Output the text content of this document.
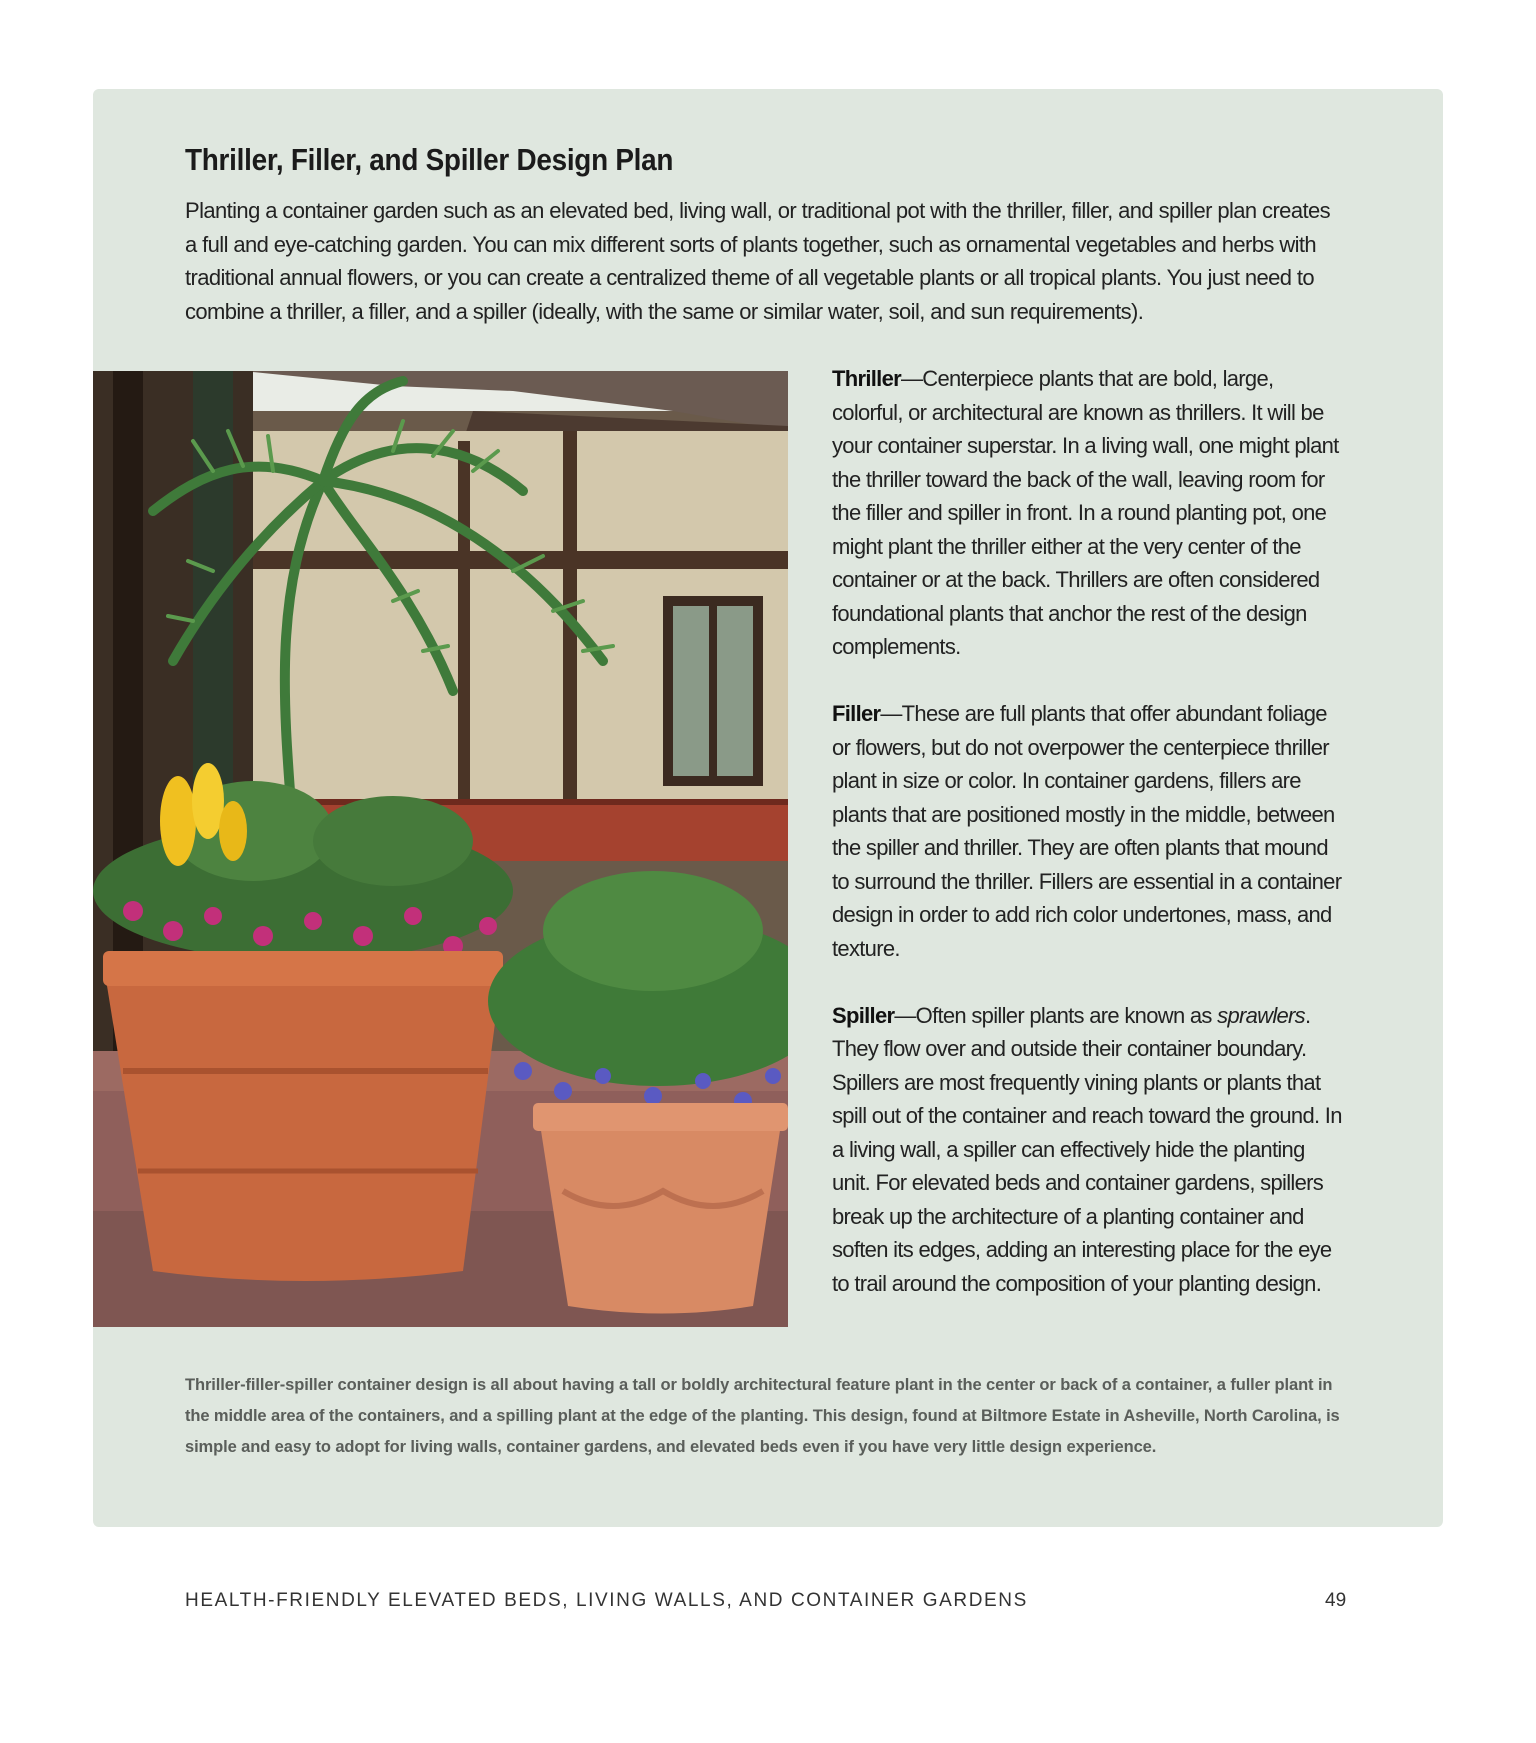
Thriller, Filler, and Spiller Design Plan

Planting a container garden such as an elevated bed, living wall, or traditional pot with the thriller, filler, and spiller plan creates a full and eye-catching garden. You can mix different sorts of plants together, such as ornamental vegetables and herbs with traditional annual flowers, or you can create a centralized theme of all vegetable plants or all tropical plants. You just need to combine a thriller, a filler, and a spiller (ideally, with the same or similar water, soil, and sun requirements).

Thriller—Centerpiece plants that are bold, large, colorful, or architectural are known as thrillers. It will be your container superstar. In a living wall, one might plant the thriller toward the back of the wall, leaving room for the filler and spiller in front. In a round planting pot, one might plant the thriller either at the very center of the container or at the back. Thrillers are often considered foundational plants that anchor the rest of the design complements.

Filler—These are full plants that offer abundant foliage or flowers, but do not overpower the centerpiece thriller plant in size or color. In container gardens, fillers are plants that are positioned mostly in the middle, between the spiller and thriller. They are often plants that mound to surround the thriller. Fillers are essential in a container design in order to add rich color undertones, mass, and texture.

Spiller—Often spiller plants are known as sprawlers. They flow over and outside their container boundary. Spillers are most frequently vining plants or plants that spill out of the container and reach toward the ground. In a living wall, a spiller can effectively hide the planting unit. For elevated beds and container gardens, spillers break up the architecture of a planting container and soften its edges, adding an interesting place for the eye to trail around the composition of your planting design.

Thriller-filler-spiller container design is all about having a tall or boldly architectural feature plant in the center or back of a container, a fuller plant in the middle area of the containers, and a spilling plant at the edge of the planting. This design, found at Biltmore Estate in Asheville, North Carolina, is simple and easy to adopt for living walls, container gardens, and elevated beds even if you have very little design experience.

HEALTH-FRIENDLY ELEVATED BEDS, LIVING WALLS, AND CONTAINER GARDENS	49
